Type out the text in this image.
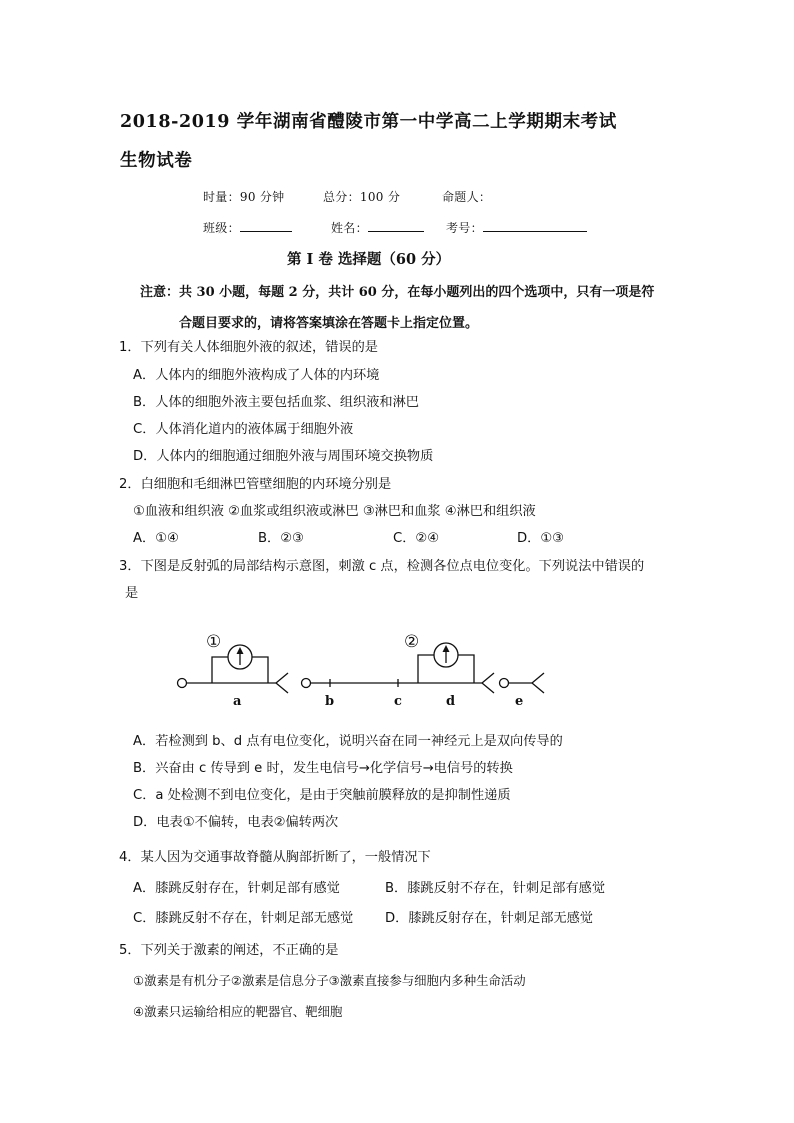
2018-2019 学年湖南省醴陵市第一中学高二上学期期末考试
生物试卷
时量：90 分钟	总分：100 分	命题人：
班级：	姓名：	考号：
第 I 卷 选择题（60 分）
注意：共 30 小题，每题 2 分，共计 60 分，在每小题列出的四个选项中，只有一项是符
合题目要求的，请将答案填涂在答题卡上指定位置。
1．下列有关人体细胞外液的叙述，错误的是
A．人体内的细胞外液构成了人体的内环境
B．人体的细胞外液主要包括血浆、组织液和淋巴
C．人体消化道内的液体属于细胞外液
D．人体内的细胞通过细胞外液与周围环境交换物质
2．白细胞和毛细淋巴管壁细胞的内环境分别是
①血液和组织液 ②血浆或组织液或淋巴 ③淋巴和血浆 ④淋巴和组织液
A．①④	B．②③	C．②④	D．①③
3．下图是反射弧的局部结构示意图，刺激 c 点，检测各位点电位变化。下列说法中错误的
是
①	②
a	b	c	d	e
A．若检测到 b、d 点有电位变化，说明兴奋在同一神经元上是双向传导的
B．兴奋由 c 传导到 e 时，发生电信号→化学信号→电信号的转换
C．a 处检测不到电位变化，是由于突触前膜释放的是抑制性递质
D．电表①不偏转，电表②偏转两次
4．某人因为交通事故脊髓从胸部折断了，一般情况下
A．膝跳反射存在，针刺足部有感觉	B．膝跳反射不存在，针刺足部有感觉
C．膝跳反射不存在，针刺足部无感觉 D．膝跳反射存在，针刺足部无感觉
5．下列关于激素的阐述，不正确的是
①激素是有机分子②激素是信息分子③激素直接参与细胞内多种生命活动
④激素只运输给相应的靶器官、靶细胞
